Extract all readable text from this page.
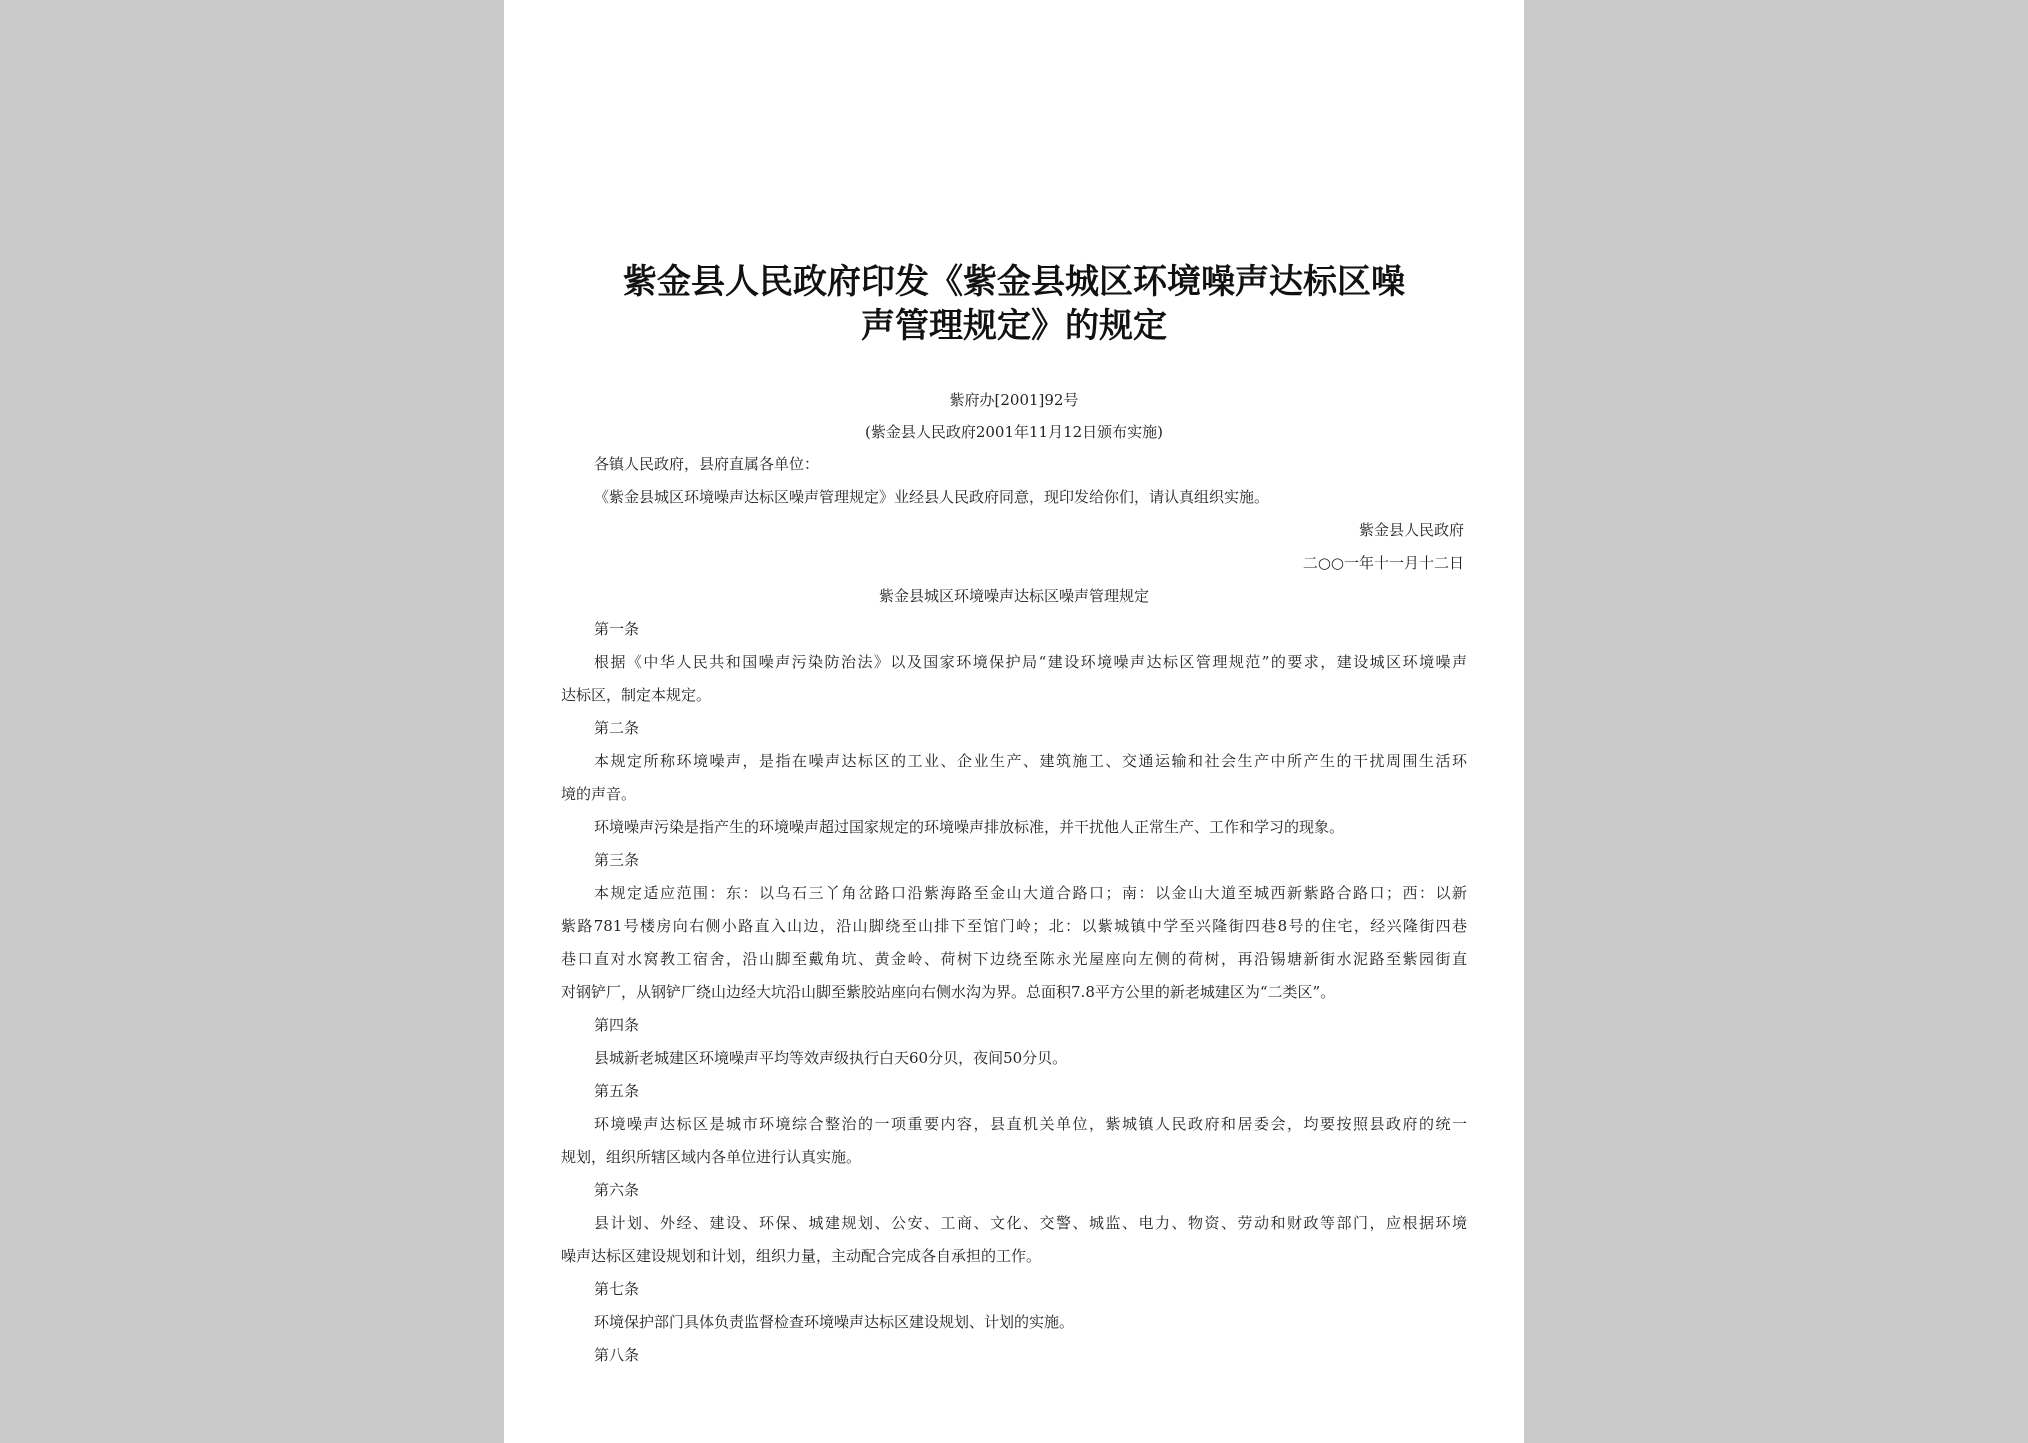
紫金县人民政府印发《紫金县城区环境噪声达标区噪
声管理规定》的规定
紫府办[2001]92号
(紫金县人民政府2001年11月12日颁布实施)
各镇人民政府，县府直属各单位：
《紫金县城区环境噪声达标区噪声管理规定》业经县人民政府同意，现印发给你们，请认真组织实施。
紫金县人民政府
二○○一年十一月十二日
紫金县城区环境噪声达标区噪声管理规定
第一条
根据《中华人民共和国噪声污染防治法》以及国家环境保护局“建设环境噪声达标区管理规范”的要求，建设城区环境噪声
达标区，制定本规定。
第二条
本规定所称环境噪声，是指在噪声达标区的工业、企业生产、建筑施工、交通运输和社会生产中所产生的干扰周围生活环
境的声音。
环境噪声污染是指产生的环境噪声超过国家规定的环境噪声排放标准，并干扰他人正常生产、工作和学习的现象。
第三条
本规定适应范围：东：以乌石三丫角岔路口沿紫海路至金山大道合路口；南：以金山大道至城西新紫路合路口；西：以新
紫路781号楼房向右侧小路直入山边，沿山脚绕至山排下至馆门岭；北：以紫城镇中学至兴隆街四巷8号的住宅，经兴隆街四巷
巷口直对水窝教工宿舍，沿山脚至戴角坑、黄金岭、荷树下边绕至陈永光屋座向左侧的荷树，再沿锡塘新街水泥路至紫园街直
对钢铲厂，从钢铲厂绕山边经大坑沿山脚至紫胶站座向右侧水沟为界。总面积7.8平方公里的新老城建区为“二类区”。
第四条
县城新老城建区环境噪声平均等效声级执行白天60分贝，夜间50分贝。
第五条
环境噪声达标区是城市环境综合整治的一项重要内容，县直机关单位，紫城镇人民政府和居委会，均要按照县政府的统一
规划，组织所辖区域内各单位进行认真实施。
第六条
县计划、外经、建设、环保、城建规划、公安、工商、文化、交警、城监、电力、物资、劳动和财政等部门，应根据环境
噪声达标区建设规划和计划，组织力量，主动配合完成各自承担的工作。
第七条
环境保护部门具体负责监督检查环境噪声达标区建设规划、计划的实施。
第八条
